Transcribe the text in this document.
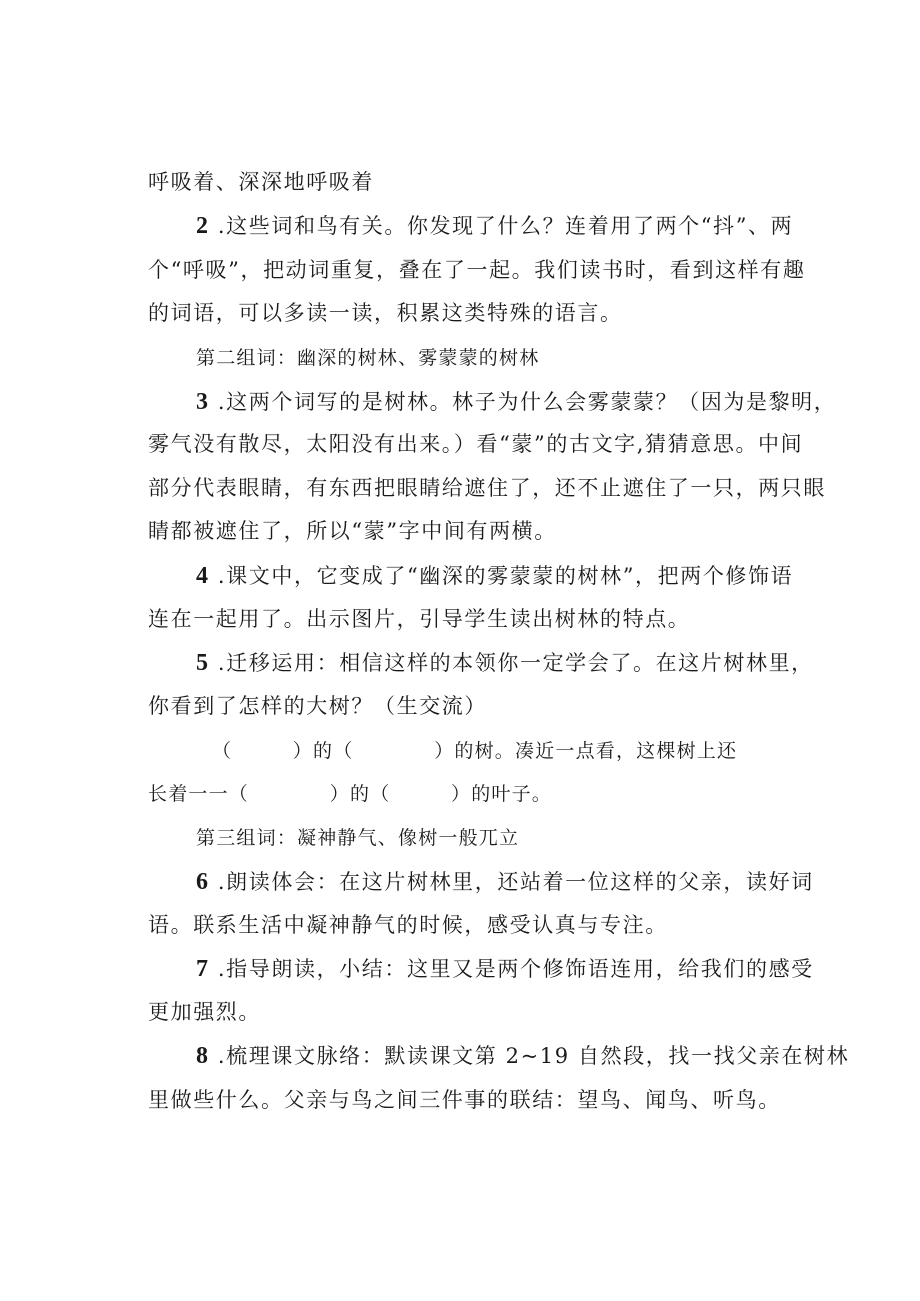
呼吸着、深深地呼吸着
2 .这些词和鸟有关。你发现了什么？连着用了两个“抖”、两
个“呼吸”，把动词重复，叠在了一起。我们读书时，看到这样有趣
的词语，可以多读一读，积累这类特殊的语言。
第二组词：幽深的树林、雾蒙蒙的树林
3 .这两个词写的是树林。林子为什么会雾蒙蒙？（因为是黎明，
雾气没有散尽，太阳没有出来。）看“蒙”的古文字,猜猜意思。中间
部分代表眼睛，有东西把眼睛给遮住了，还不止遮住了一只，两只眼
睛都被遮住了，所以“蒙”字中间有两横。
4 .课文中，它变成了“幽深的雾蒙蒙的树林”，把两个修饰语
连在一起用了。出示图片，引导学生读出树林的特点。
5 .迁移运用：相信这样的本领你一定学会了。在这片树林里，
你看到了怎样的大树？（生交流）
（　　　）的（　　　　）的树。凑近一点看，这棵树上还
长着一一（　　　　）的（　　　）的叶子。
第三组词：凝神静气、像树一般兀立
6 .朗读体会：在这片树林里，还站着一位这样的父亲，读好词
语。联系生活中凝神静气的时候，感受认真与专注。
7 .指导朗读，小结：这里又是两个修饰语连用，给我们的感受
更加强烈。
8 .梳理课文脉络：默读课文第 2~19 自然段，找一找父亲在树林
里做些什么。父亲与鸟之间三件事的联结：望鸟、闻鸟、听鸟。
